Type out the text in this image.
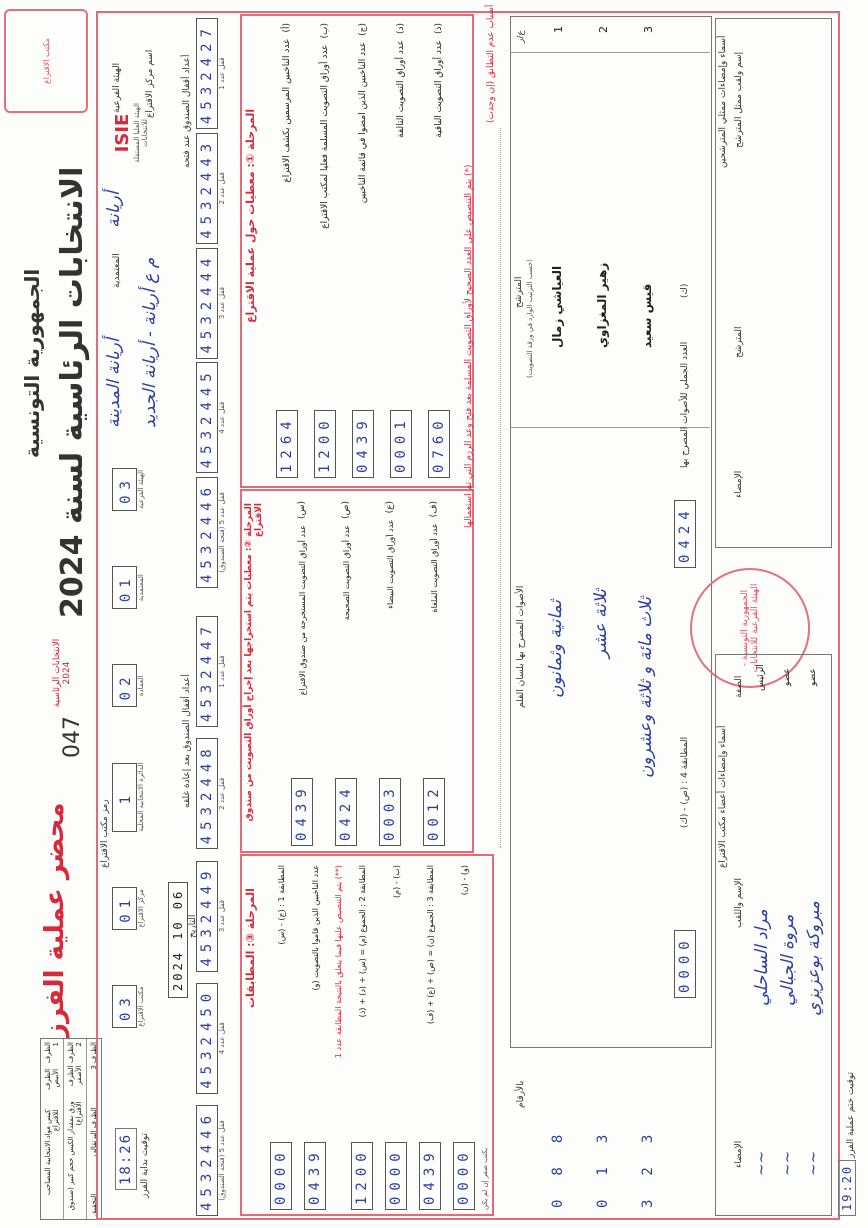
مكتب الاقتراع
ISIE الهيئة العليا المستقلة للانتخابات
الجمهورية التونسية
الانتخابات الرئاسية لسنة 2024
الانتخابات الرئاسية 2024
047
محضر عملية الفرز
الظرف 1
الظرف الأبيض
كيس مواد الانتخابية المصاحب للاقتراع
الظرف 2
الظرف الأصفر
ورق بمقدار الكيس حجم كبير (صندوق الاقتراع)
الظرف 3
الظرف البرتقالي
التحقيق
توقيت بداية الفرز
18:26
رمز مكتب الاقتراع
03 الهيئة الفرعية
01 المعتمدية
02 العمادة
1 الدائرة الانتخابية المحلية
01 مركز الاقتراع
03 مكتب الاقتراع
2024 10 06 التاريخ
الهيئة الفرعية
أريانة
المعتمدية
أريانة المدينة
اسم مركز الاقتراع
م ع أريانة - أريانة الجديد
أعداد أقفال الصندوق عند فتحه 4532427 قفل عدد 1
4532443 قفل عدد 2
4532444 قفل عدد 3
4532445 قفل عدد 4
4532446 قفل عدد 5 (فتحة الصندوق)
أعداد أقفال الصندوق بعد إعادة غلقه
4532447 قفل عدد 1
4532448 قفل عدد 2
4532449 قفل عدد 3
4532450 قفل عدد 4
4532446 قفل عدد 5 (فتحة الصندوق)
المرحلة ①: معطيات حول عملية الاقتراع
(أ)
عدد الناخبين المرسمين بكشف الاقتراع
1264
(ب)
عدد أوراق التصويت المسلمة فعليا لمكتب الاقتراع
1200
(ج)
عدد الناخبين الذين امضوا في قائمة الناخبين
0439
(د)
عدد أوراق التصويت التالفة
0001
(ذ)
عدد أوراق التصويت الباقية
0760
المرحلة ②: معطيات يتم استخراجها بعد إخراج أوراق التصويت من صندوق الاقتراع	(س)
عدد أوراق التصويت المستخرجة من صندوق الاقتراع
0439
(ص)
عدد أوراق التصويت الصحيحة
0424
(ع)
عدد أوراق التصويت البيضاء
0003
(ف)
عدد أوراق التصويت الملغاة
0012
المرحلة ③: المطابقات المطابقة 1 : (ج) - (س)
0000
عدد الناخبين الذين قاموا بالتصويت (و)
0439
(**) يتم التنصيص عليها فيما يتعلق بالنتيجة المطابقة عدد 1 المطابقة 2 : الجموع (م) = (س) + (د) + (ذ)
1200
(ب) - (م)
0000
المطابقة 3 : الجموع (ن) = (ص) + (ع) + (ف)
0439
(و) - (ن)
0000	يكتب صفر إن لم يكن
أسباب عدم التطابق (إن وجدت)
(*) يتم التنصيص على العدد الصحيح لأوراق التصويت المسلمة بعد فتح وعد الرزم التي تم استعمالها
ع/ر
المترشح (حسب الترتيب الوارد في ورقة التصويت)
الأصوات المصرح بها بلسان القلم
بالأرقام
1
العياشي زمال
ثمانية وثمانون
088
2
زهير المغزاوي
ثلاثة عشر
013
3
قيس سعيد
ثلاث مائة و ثلاثة وعشرون
323
العدد الجملي للأصوات المصرح بها
(ك)
0424
المطابقة 4 : (ص) - (ك)
0000
الجمهورية التونسية - الهيئة الفرعية للانتخابات
أسماء وإمضاءات أعضاء مكتب الاقتراع
الصفة
الإسم واللقب
الإمضاء
الرئيس
مراد الساحلي
~~
عضو
مروة الجبالي
~~
عضو
مبروكة بوعزيزي
~~
أسماء وإمضاءات ممثلي المترشحين
المترشح
إسم ولقب ممثل المترشح
الإمضاء
توقيت ختم عملية الفرز
19:20
